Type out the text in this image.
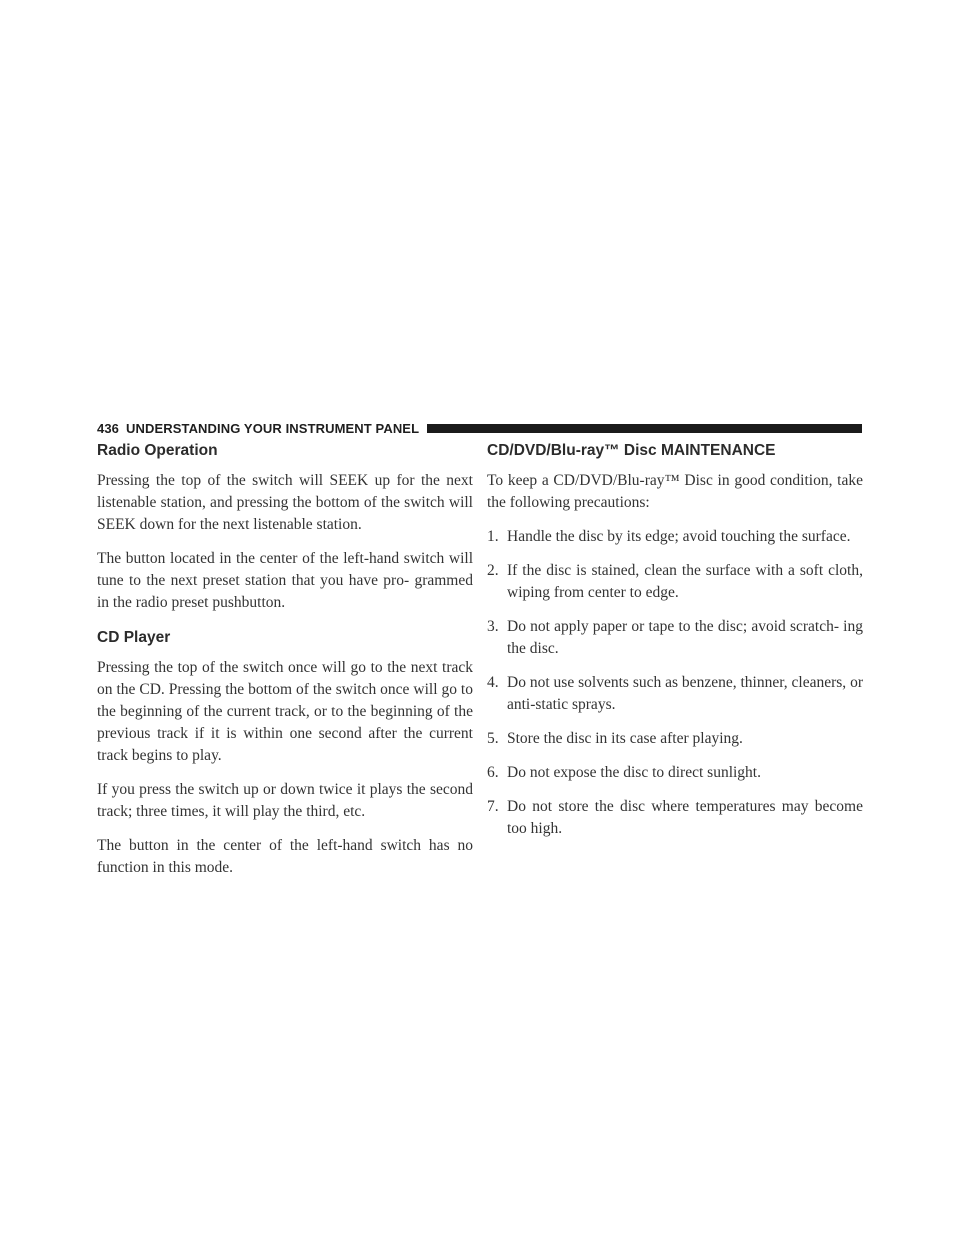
436 UNDERSTANDING YOUR INSTRUMENT PANEL
Radio Operation

Pressing the top of the switch will SEEK up for the next listenable station, and pressing the bottom of the switch will SEEK down for the next listenable station.

The button located in the center of the left-hand switch will tune to the next preset station that you have pro- grammed in the radio preset pushbutton.

CD Player

Pressing the top of the switch once will go to the next track on the CD. Pressing the bottom of the switch once will go to the beginning of the current track, or to the beginning of the previous track if it is within one second after the current track begins to play.

If you press the switch up or down twice it plays the second track; three times, it will play the third, etc.

The button in the center of the left-hand switch has no function in this mode.

CD/DVD/Blu-ray™ Disc MAINTENANCE

To keep a CD/DVD/Blu-ray™ Disc in good condition, take the following precautions:

1. Handle the disc by its edge; avoid touching the surface.
2. If the disc is stained, clean the surface with a soft cloth, wiping from center to edge.
3. Do not apply paper or tape to the disc; avoid scratch- ing the disc.
4. Do not use solvents such as benzene, thinner, cleaners, or anti-static sprays.
5. Store the disc in its case after playing.
6. Do not expose the disc to direct sunlight.
7. Do not store the disc where temperatures may become too high.
